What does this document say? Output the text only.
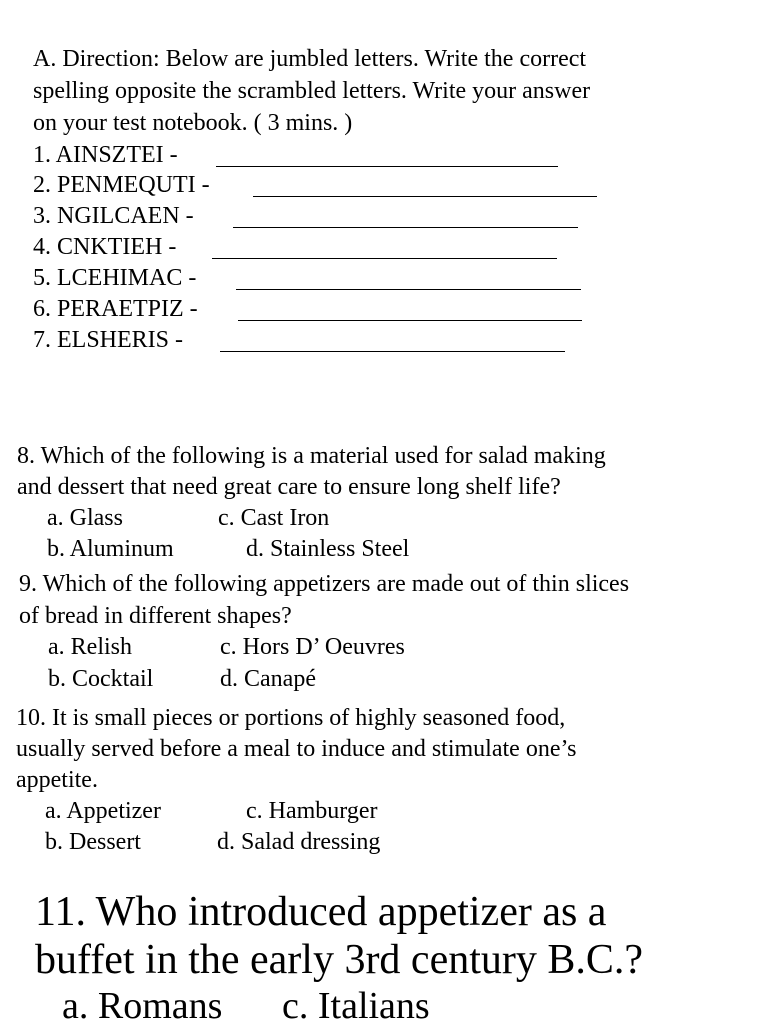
A. Direction: Below are jumbled letters. Write the correct
spelling opposite the scrambled letters. Write your answer
on your test notebook. ( 3 mins. )
1. AINSZTEI -
2. PENMEQUTI -
3. NGILCAEN -
4. CNKTIEH -
5. LCEHIMAC -
6. PERAETPIZ -
7. ELSHERIS -
8. Which of the following is a material used for salad making
and dessert that need great care to ensure long shelf life?
a. Glass	c. Cast Iron
b. Aluminum	d. Stainless Steel
9. Which of the following appetizers are made out of thin slices
of bread in different shapes?
a. Relish	c. Hors D’ Oeuvres
b. Cocktail	d. Canapé
10. It is small pieces or portions of highly seasoned food,
usually served before a meal to induce and stimulate one’s
appetite.
a. Appetizer	c. Hamburger
b. Dessert	d. Salad dressing
11. Who introduced appetizer as a
buffet in the early 3rd century B.C.?
a. Romans c. Italians
